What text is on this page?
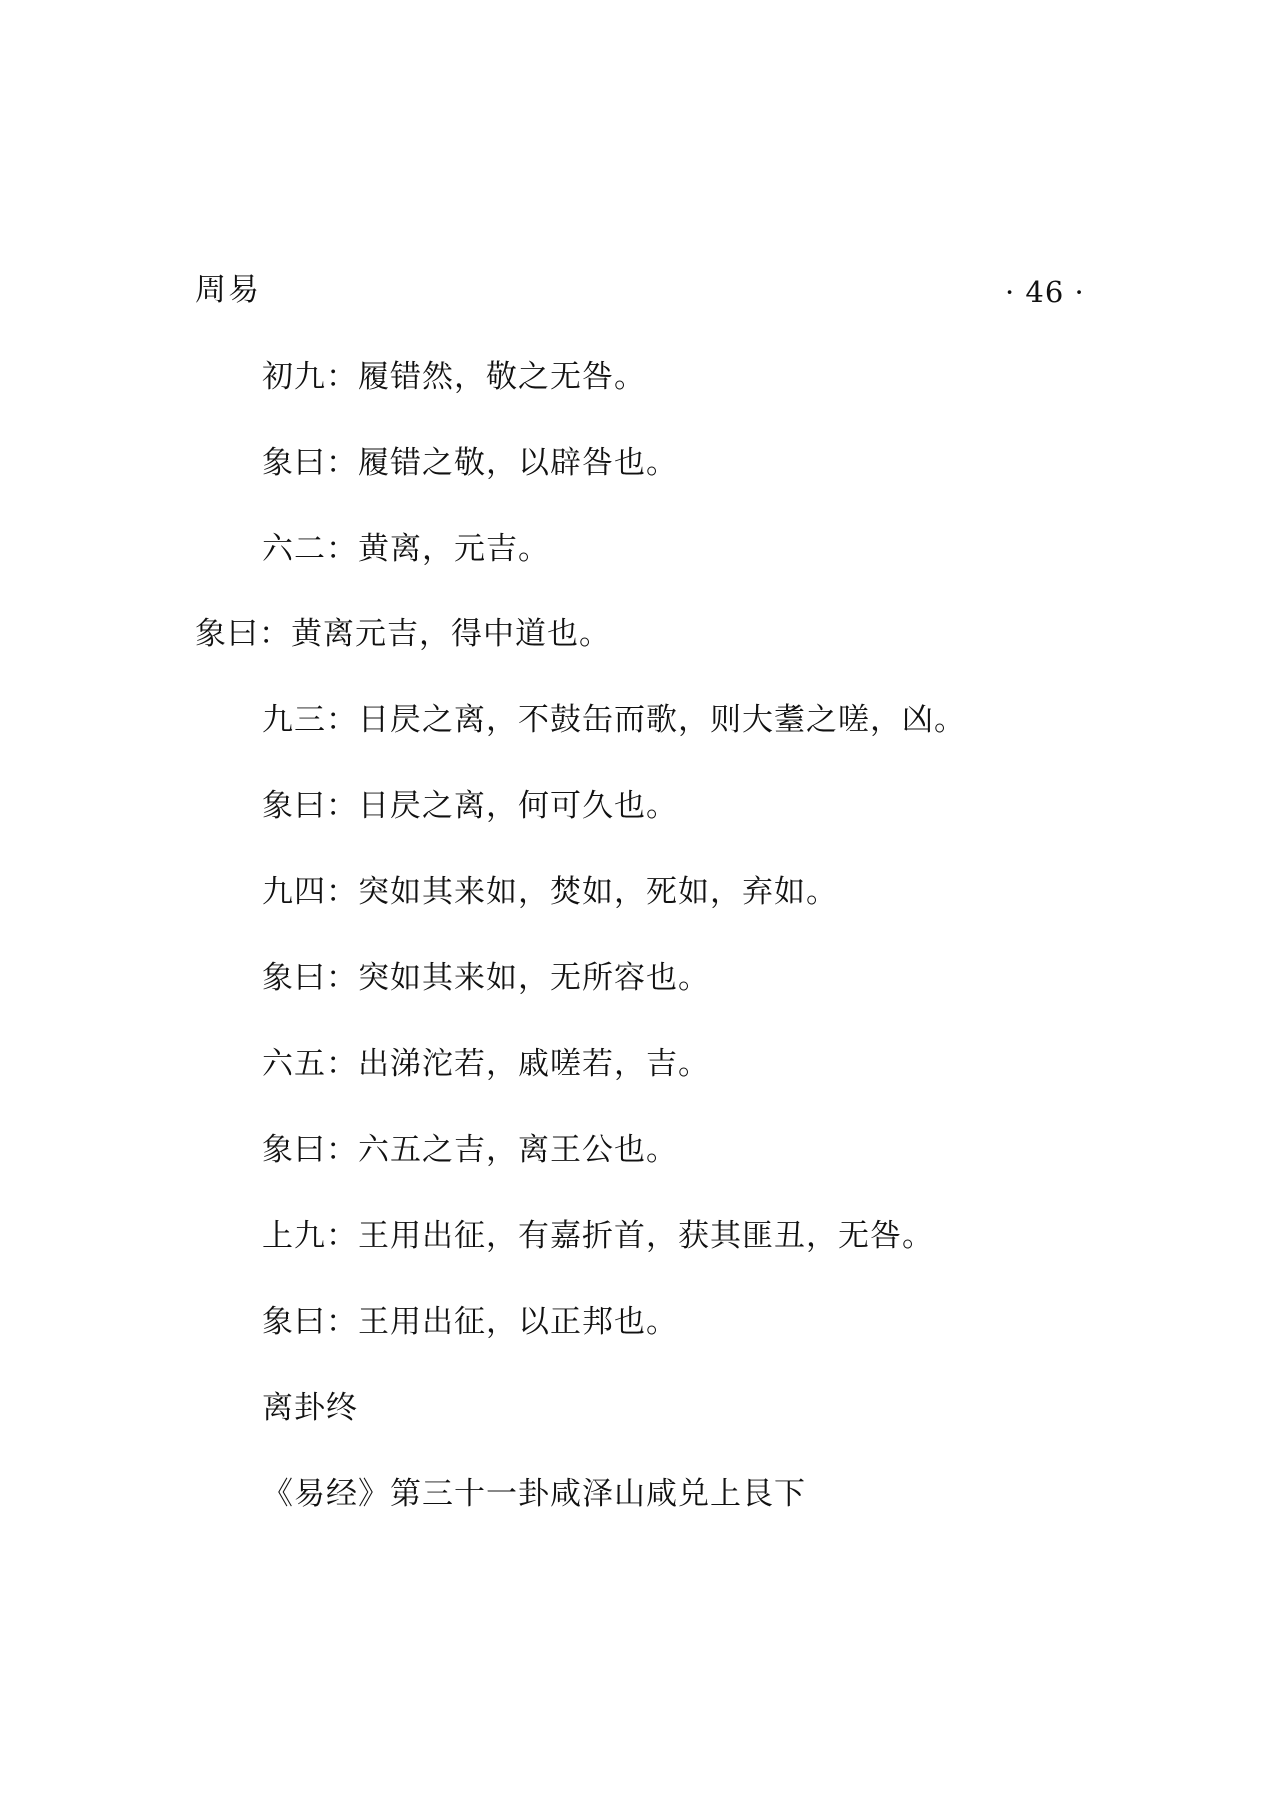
周易	· 46 ·
初九：履错然，敬之无咎。
象曰：履错之敬，以辟咎也。
六二：黄离，元吉。
象曰：黄离元吉，得中道也。
九三：日昃之离，不鼓缶而歌，则大耋之嗟，凶。
象曰：日昃之离，何可久也。
九四：突如其来如，焚如，死如，弃如。
象曰：突如其来如，无所容也。
六五：出涕沱若，戚嗟若，吉。
象曰：六五之吉，离王公也。
上九：王用出征，有嘉折首，获其匪丑，无咎。
象曰：王用出征，以正邦也。
离卦终
《易经》第三十一卦咸泽山咸兑上艮下
